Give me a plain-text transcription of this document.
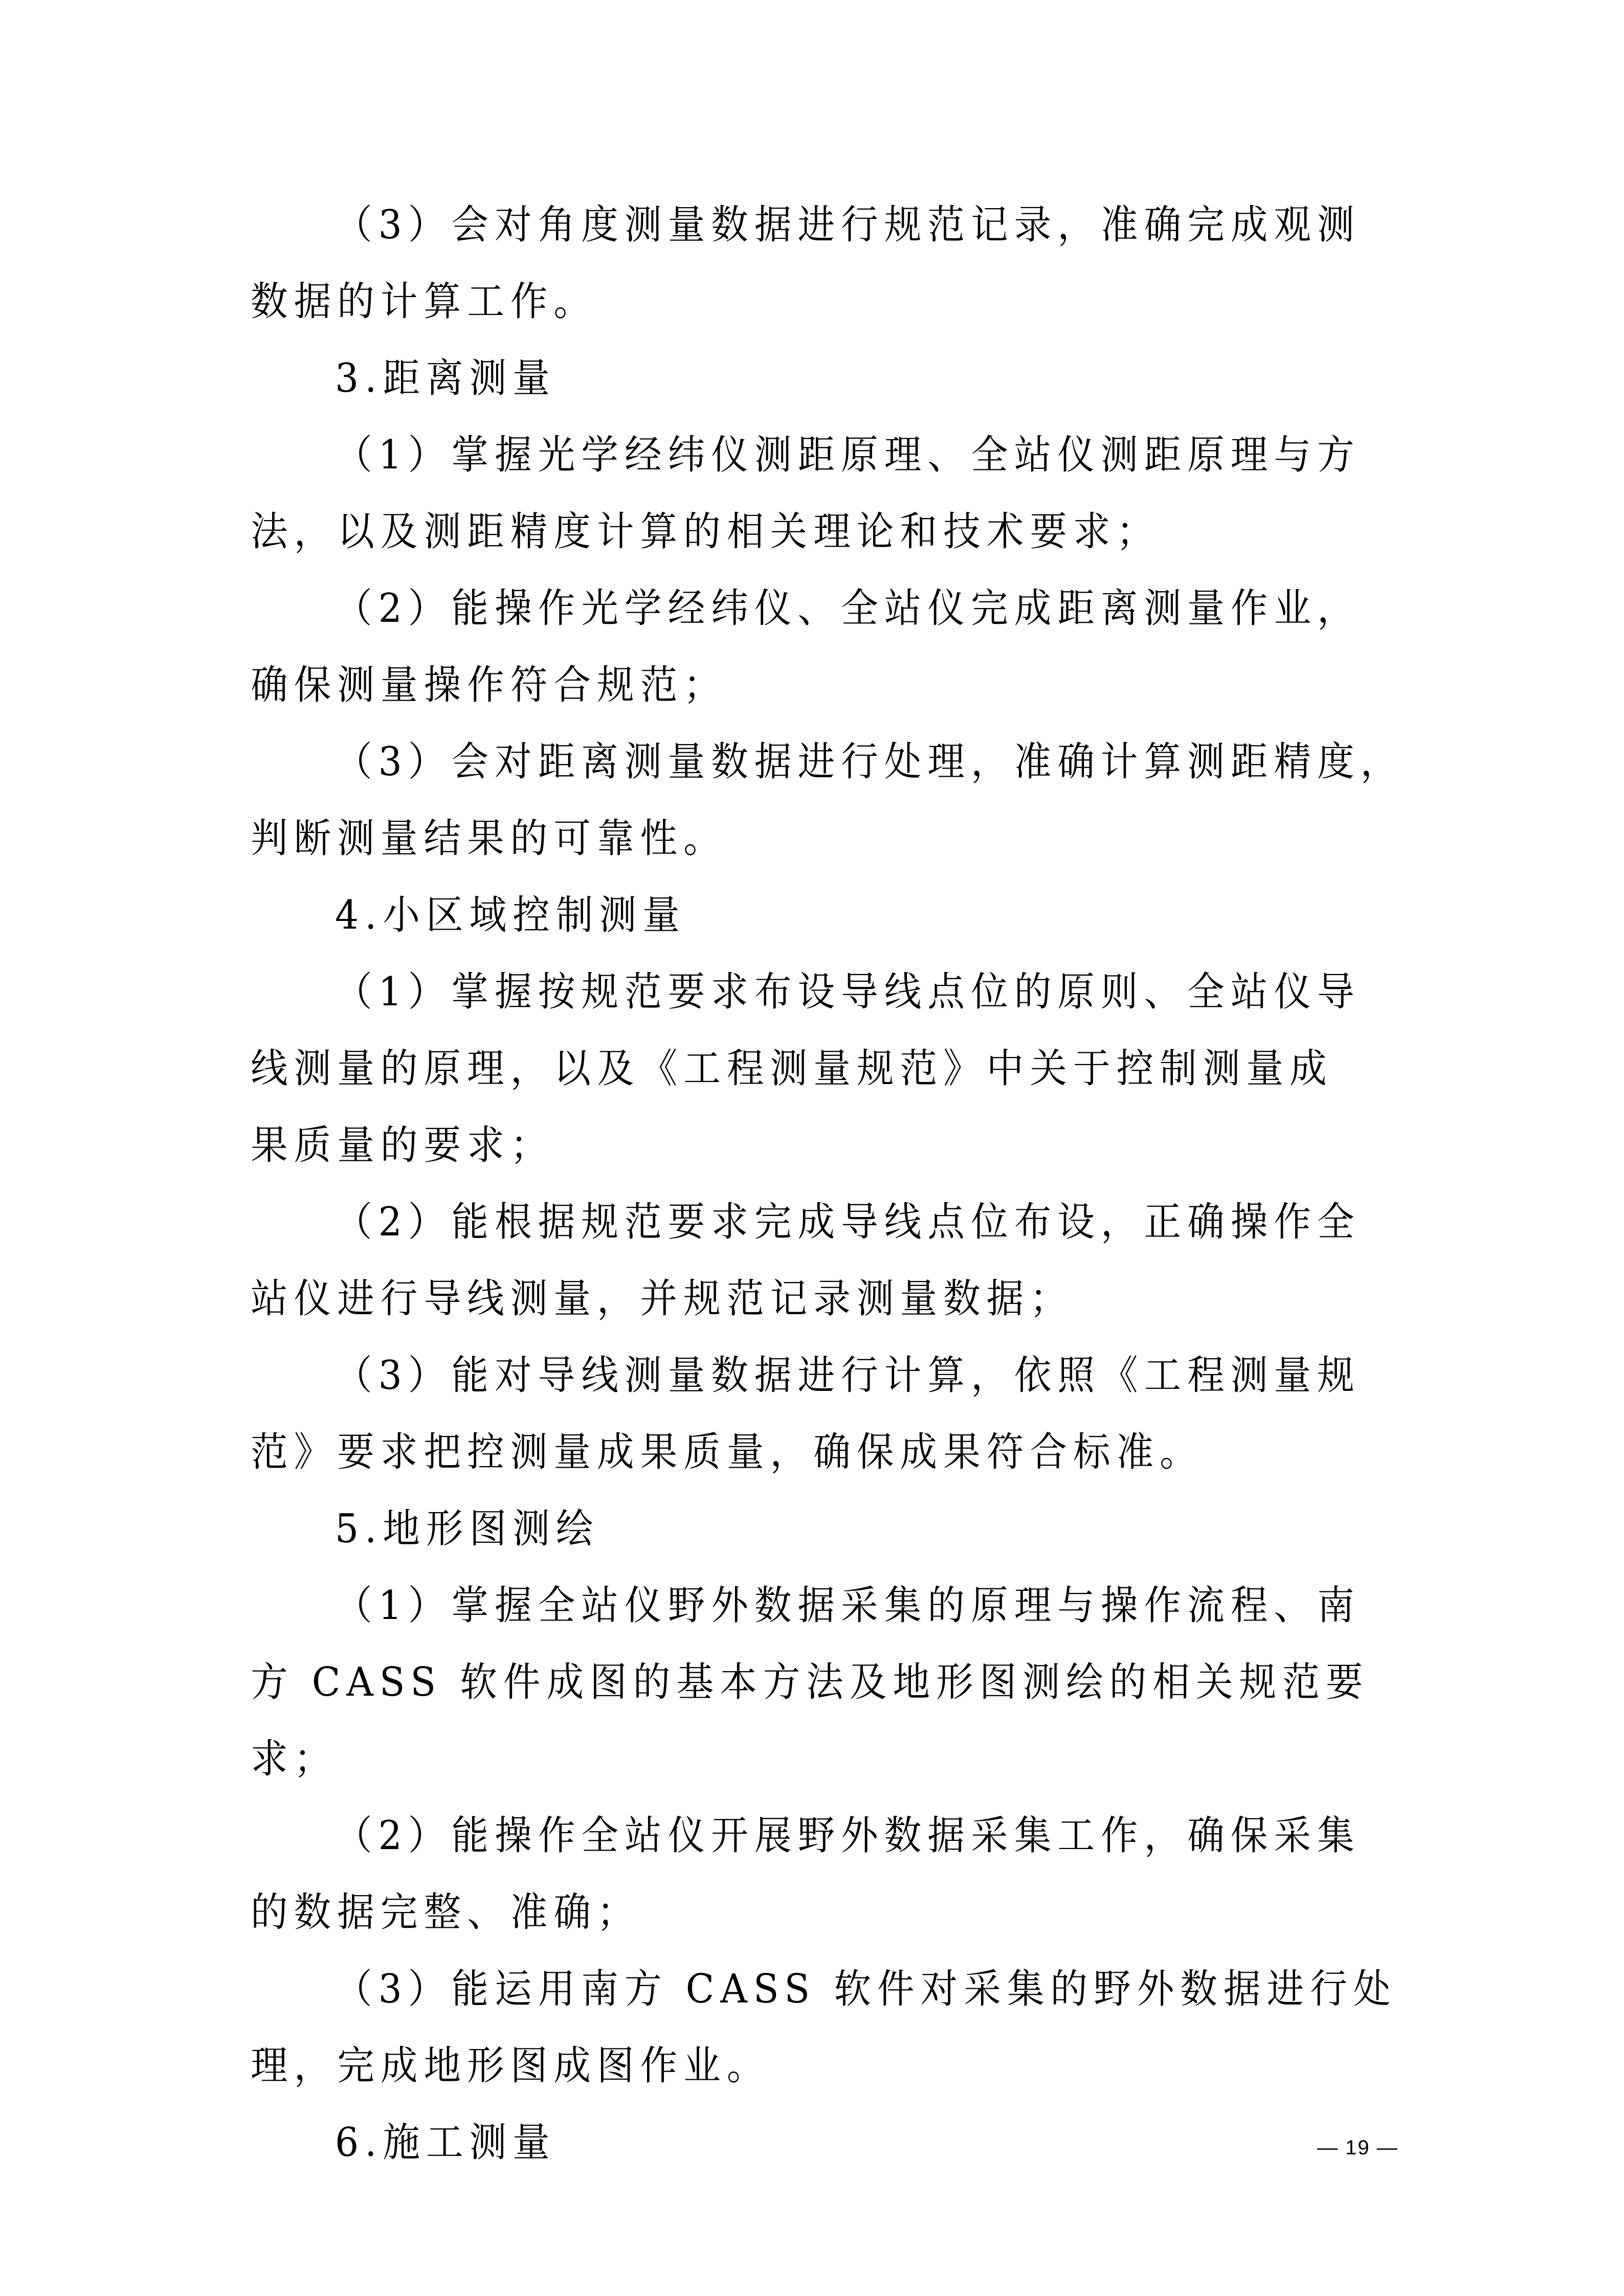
（3）会对角度测量数据进行规范记录，准确完成观测
数据的计算工作。
3.距离测量
（1）掌握光学经纬仪测距原理、全站仪测距原理与方
法，以及测距精度计算的相关理论和技术要求；
（2）能操作光学经纬仪、全站仪完成距离测量作业，
确保测量操作符合规范；
（3）会对距离测量数据进行处理，准确计算测距精度，
判断测量结果的可靠性。
4.小区域控制测量
（1）掌握按规范要求布设导线点位的原则、全站仪导
线测量的原理，以及《工程测量规范》中关于控制测量成
果质量的要求；
（2）能根据规范要求完成导线点位布设，正确操作全
站仪进行导线测量，并规范记录测量数据；
（3）能对导线测量数据进行计算，依照《工程测量规
范》要求把控测量成果质量，确保成果符合标准。
5.地形图测绘
（1）掌握全站仪野外数据采集的原理与操作流程、南
方 CASS 软件成图的基本方法及地形图测绘的相关规范要
求；
（2）能操作全站仪开展野外数据采集工作，确保采集
的数据完整、准确；
（3）能运用南方 CASS 软件对采集的野外数据进行处
理，完成地形图成图作业。
6.施工测量	— 19 —
